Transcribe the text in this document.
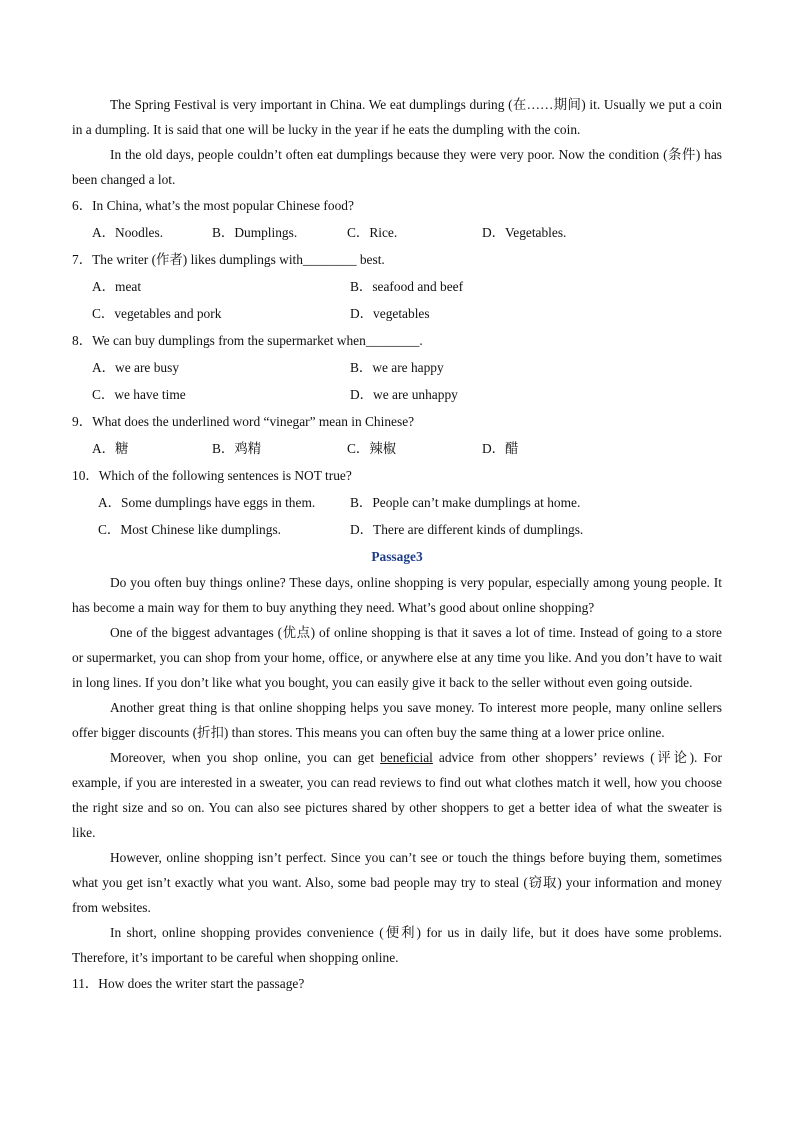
The Spring Festival is very important in China. We eat dumplings during (在……期间) it. Usually we put a coin in a dumpling. It is said that one will be lucky in the year if he eats the dumpling with the coin.

In the old days, people couldn’t often eat dumplings because they were very poor. Now the condition (条件) has been changed a lot.

6．In China, what’s the most popular Chinese food?

A．Noodles.	B．Dumplings.	C．Rice.	D．Vegetables.

7．The writer (作者) likes dumplings with________ best.

A．meat	B．seafood and beef
C．vegetables and pork	D．vegetables

8．We can buy dumplings from the supermarket when________.

A．we are busy	B．we are happy
C．we have time	D．we are unhappy

9．What does the underlined word “vinegar” mean in Chinese?

A．糖	B．鸡精	C．辣椒	D．醋

10．Which of the following sentences is NOT true?

A．Some dumplings have eggs in them.	B．People can’t make dumplings at home.
C．Most Chinese like dumplings.	D．There are different kinds of dumplings.

Passage3

Do you often buy things online? These days, online shopping is very popular, especially among young people. It has become a main way for them to buy anything they need. What’s good about online shopping?

One of the biggest advantages (优点) of online shopping is that it saves a lot of time. Instead of going to a store or supermarket, you can shop from your home, office, or anywhere else at any time you like. And you don’t have to wait in long lines. If you don’t like what you bought, you can easily give it back to the seller without even going outside.

Another great thing is that online shopping helps you save money. To interest more people, many online sellers offer bigger discounts (折扣) than stores. This means you can often buy the same thing at a lower price online.

Moreover, when you shop online, you can get beneficial advice from other shoppers’ reviews (评论). For example, if you are interested in a sweater, you can read reviews to find out what clothes match it well, how you choose the right size and so on. You can also see pictures shared by other shoppers to get a better idea of what the sweater is like.

However, online shopping isn’t perfect. Since you can’t see or touch the things before buying them, sometimes what you get isn’t exactly what you want. Also, some bad people may try to steal (窃取) your information and money from websites.

In short, online shopping provides convenience (便利) for us in daily life, but it does have some problems. Therefore, it’s important to be careful when shopping online.

11．How does the writer start the passage?
